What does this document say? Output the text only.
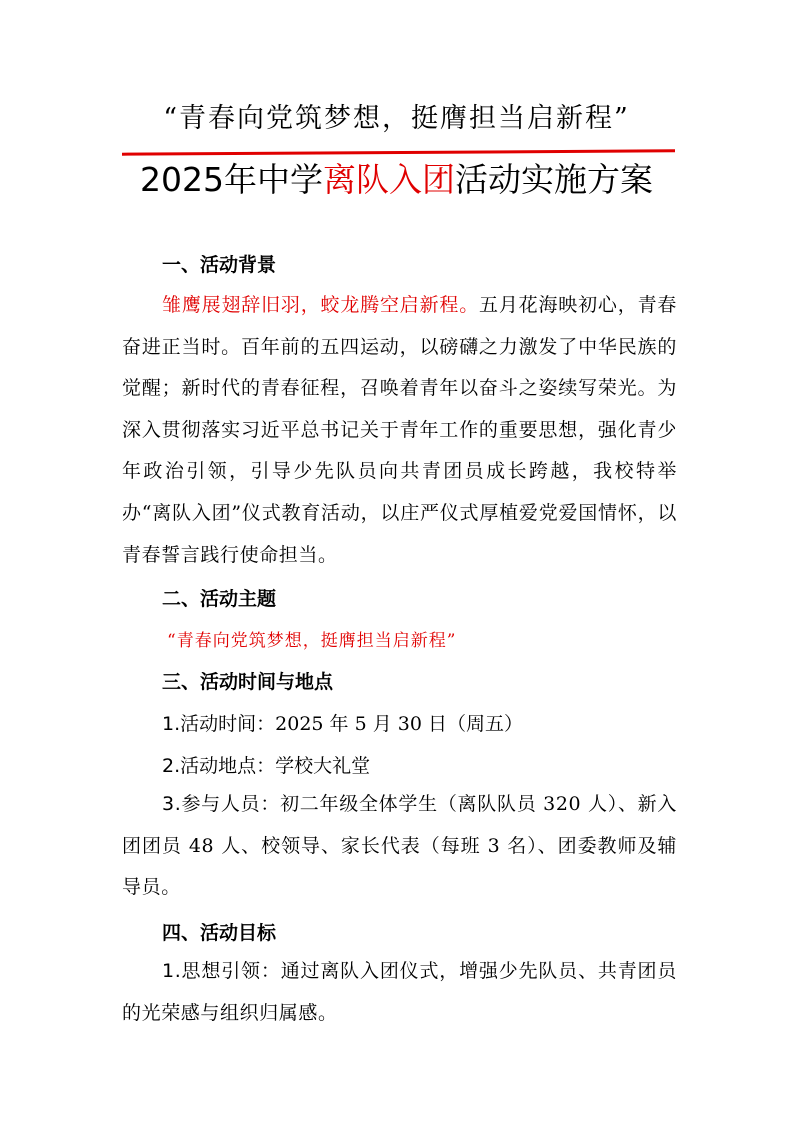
“青春向党筑梦想，挺膺担当启新程”
2025年中学离队入团活动实施方案
一、活动背景
雏鹰展翅辞旧羽，蛟龙腾空启新程。五月花海映初心，青春奋进正当时。百年前的五四运动，以磅礴之力激发了中华民族的觉醒；新时代的青春征程，召唤着青年以奋斗之姿续写荣光。为深入贯彻落实习近平总书记关于青年工作的重要思想，强化青少年政治引领，引导少先队员向共青团员成长跨越，我校特举办“离队入团”仪式教育活动，以庄严仪式厚植爱党爱国情怀，以青春誓言践行使命担当。
二、活动主题
“青春向党筑梦想，挺膺担当启新程”
三、活动时间与地点
1.活动时间：2025 年 5 月 30 日（周五）
2.活动地点：学校大礼堂
3.参与人员：初二年级全体学生（离队队员 320 人）、新入团团员 48 人、校领导、家长代表（每班 3 名）、团委教师及辅导员。
四、活动目标
1.思想引领：通过离队入团仪式，增强少先队员、共青团员的光荣感与组织归属感。
